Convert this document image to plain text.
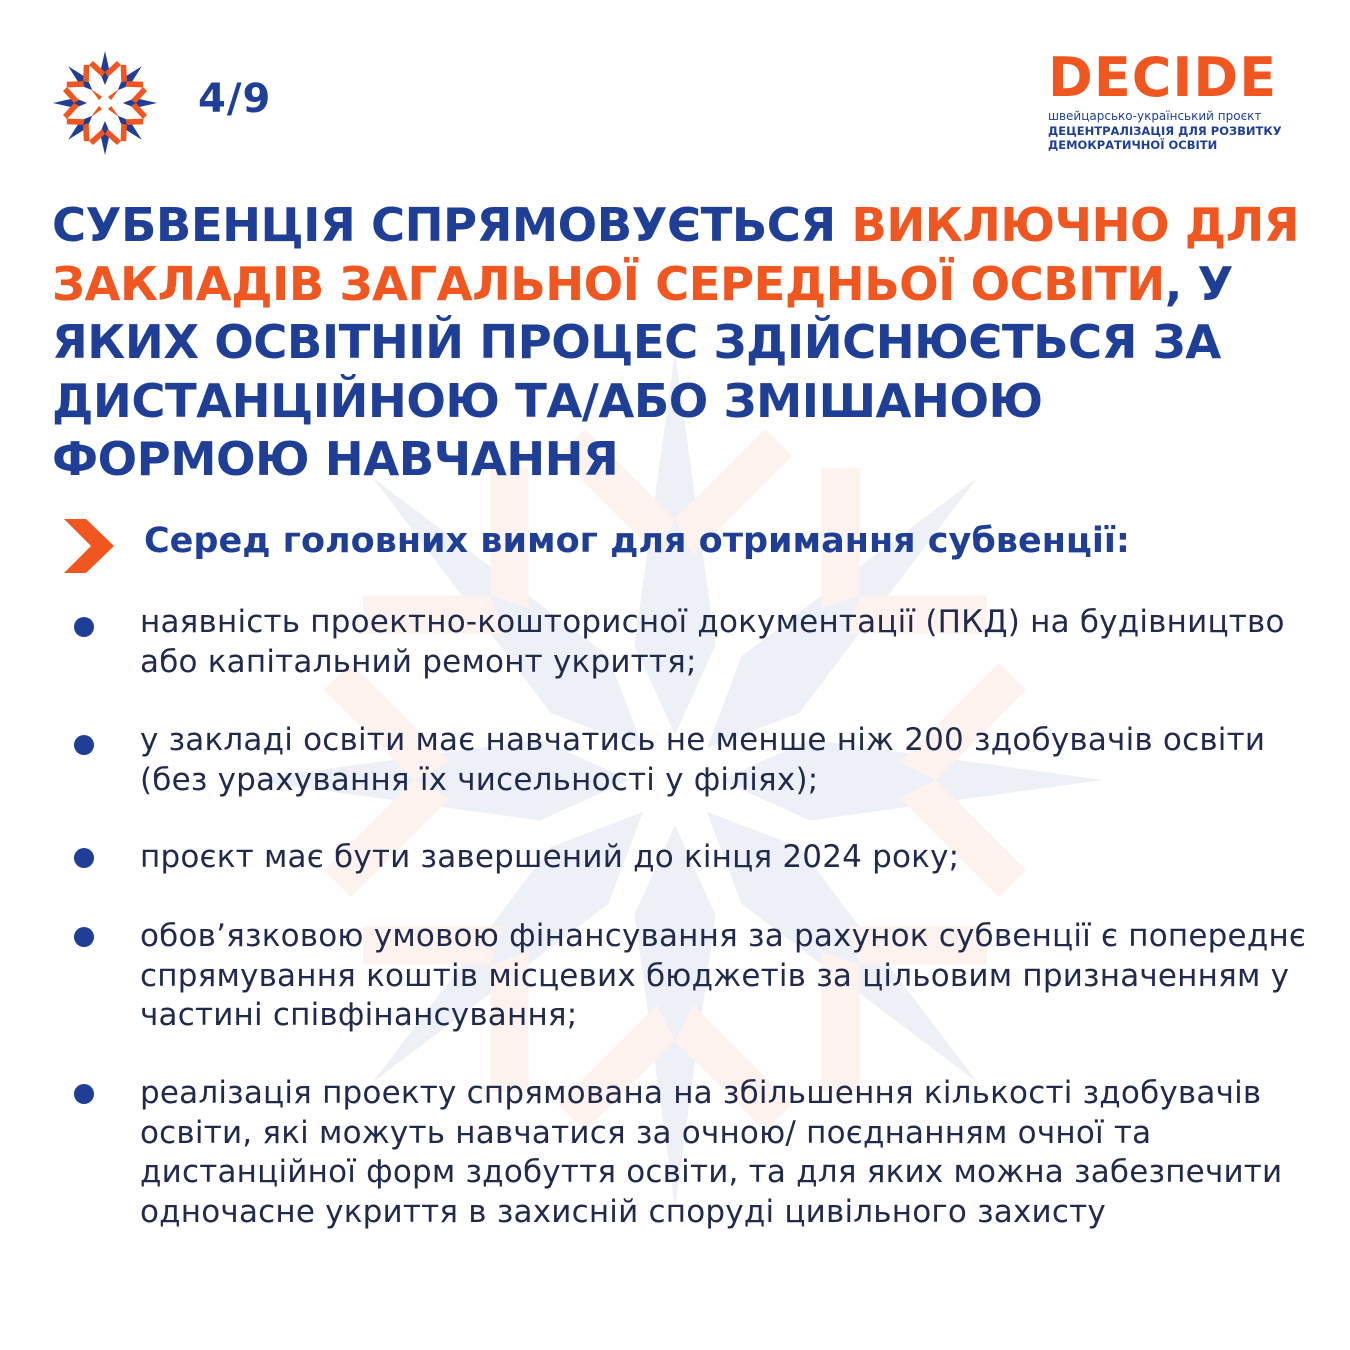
4/9	DECIDE
швейцарсько-український проєкт
ДЕЦЕНТРАЛІЗАЦІЯ ДЛЯ РОЗВИТКУ
ДЕМОКРАТИЧНОЇ ОСВІТИ
СУБВЕНЦІЯ СПРЯМОВУЄТЬСЯ ВИКЛЮЧНО ДЛЯ ЗАКЛАДІВ ЗАГАЛЬНОЇ СЕРЕДНЬОЇ ОСВІТИ, У ЯКИХ ОСВІТНІЙ ПРОЦЕС ЗДІЙСНЮЄТЬСЯ ЗА ДИСТАНЦІЙНОЮ ТА/АБО ЗМІШАНОЮ ФОРМОЮ НАВЧАННЯ
Серед головних вимог для отримання субвенції:
наявність проектно-кошторисної документації (ПКД) на будівництво або капітальний ремонт укриття;
у закладі освіти має навчатись не менше ніж 200 здобувачів освіти (без урахування їх чисельності у філіях);
проєкт має бути завершений до кінця 2024 року;
обов’язковою умовою фінансування за рахунок субвенції є попереднє спрямування коштів місцевих бюджетів за цільовим призначенням у частині співфінансування;
реалізація проекту спрямована на збільшення кількості здобувачів освіти, які можуть навчатися за очною/ поєднанням очної та дистанційної форм здобуття освіти, та для яких можна забезпечити одночасне укриття в захисній споруді цивільного захисту
